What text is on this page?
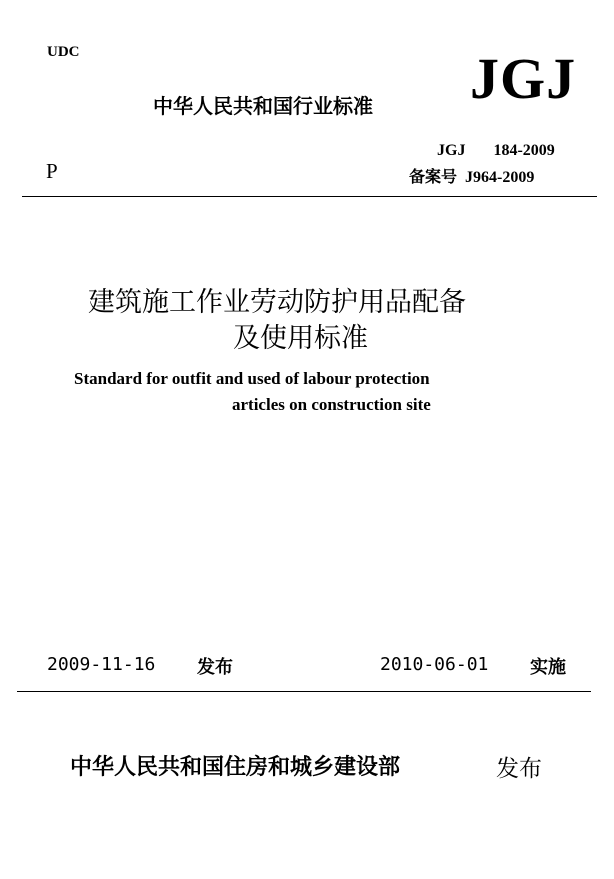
UDC
中华人民共和国行业标准 JGJ
P
JGJ 184-2009
备案号 J964-2009
建筑施工作业劳动防护用品配备
及使用标准
Standard for outfit and used of labour protection
articles on construction site
2009-11-16 发布	2010-06-01 实施
中华人民共和国住房和城乡建设部	发布
